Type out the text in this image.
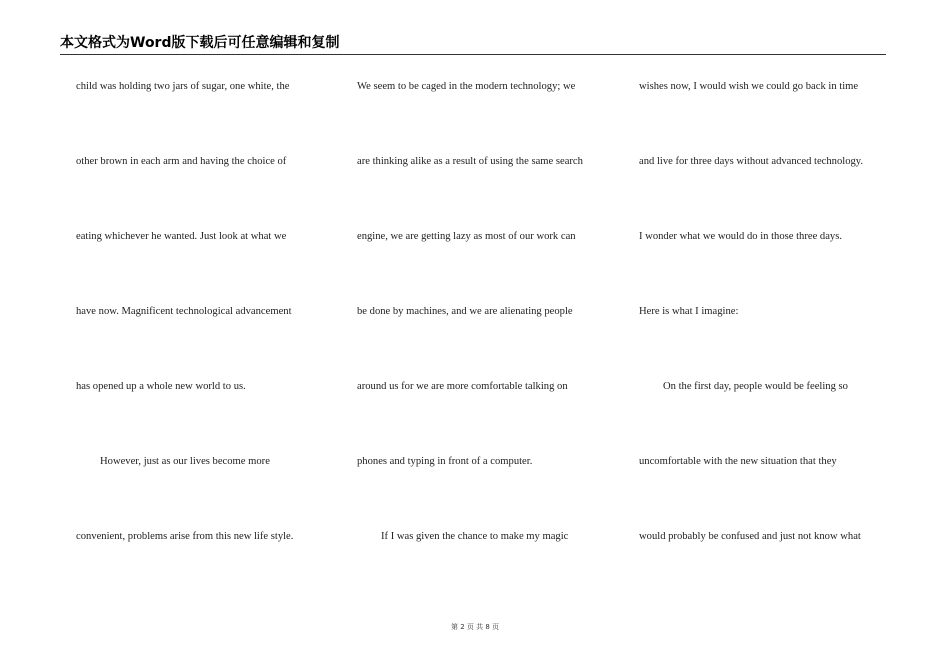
本文格式为Word版下载后可任意编辑和复制
child was holding two jars of sugar, one white, the
other brown in each arm and having the choice of
eating whichever he wanted. Just look at what we
have now. Magnificent technological advancement
has opened up a whole new world to us.
However, just as our lives become more
convenient, problems arise from this new life style.
We seem to be caged in the modern technology; we
are thinking alike as a result of using the same search
engine, we are getting lazy as most of our work can
be done by machines, and we are alienating people
around us for we are more comfortable talking on
phones and typing in front of a computer.
If I was given the chance to make my magic
wishes now, I would wish we could go back in time
and live for three days without advanced technology.
I wonder what we would do in those three days.
Here is what I imagine:
On the first day, people would be feeling so
uncomfortable with the new situation that they
would probably be confused and just not know what
第 2 页 共 8 页
